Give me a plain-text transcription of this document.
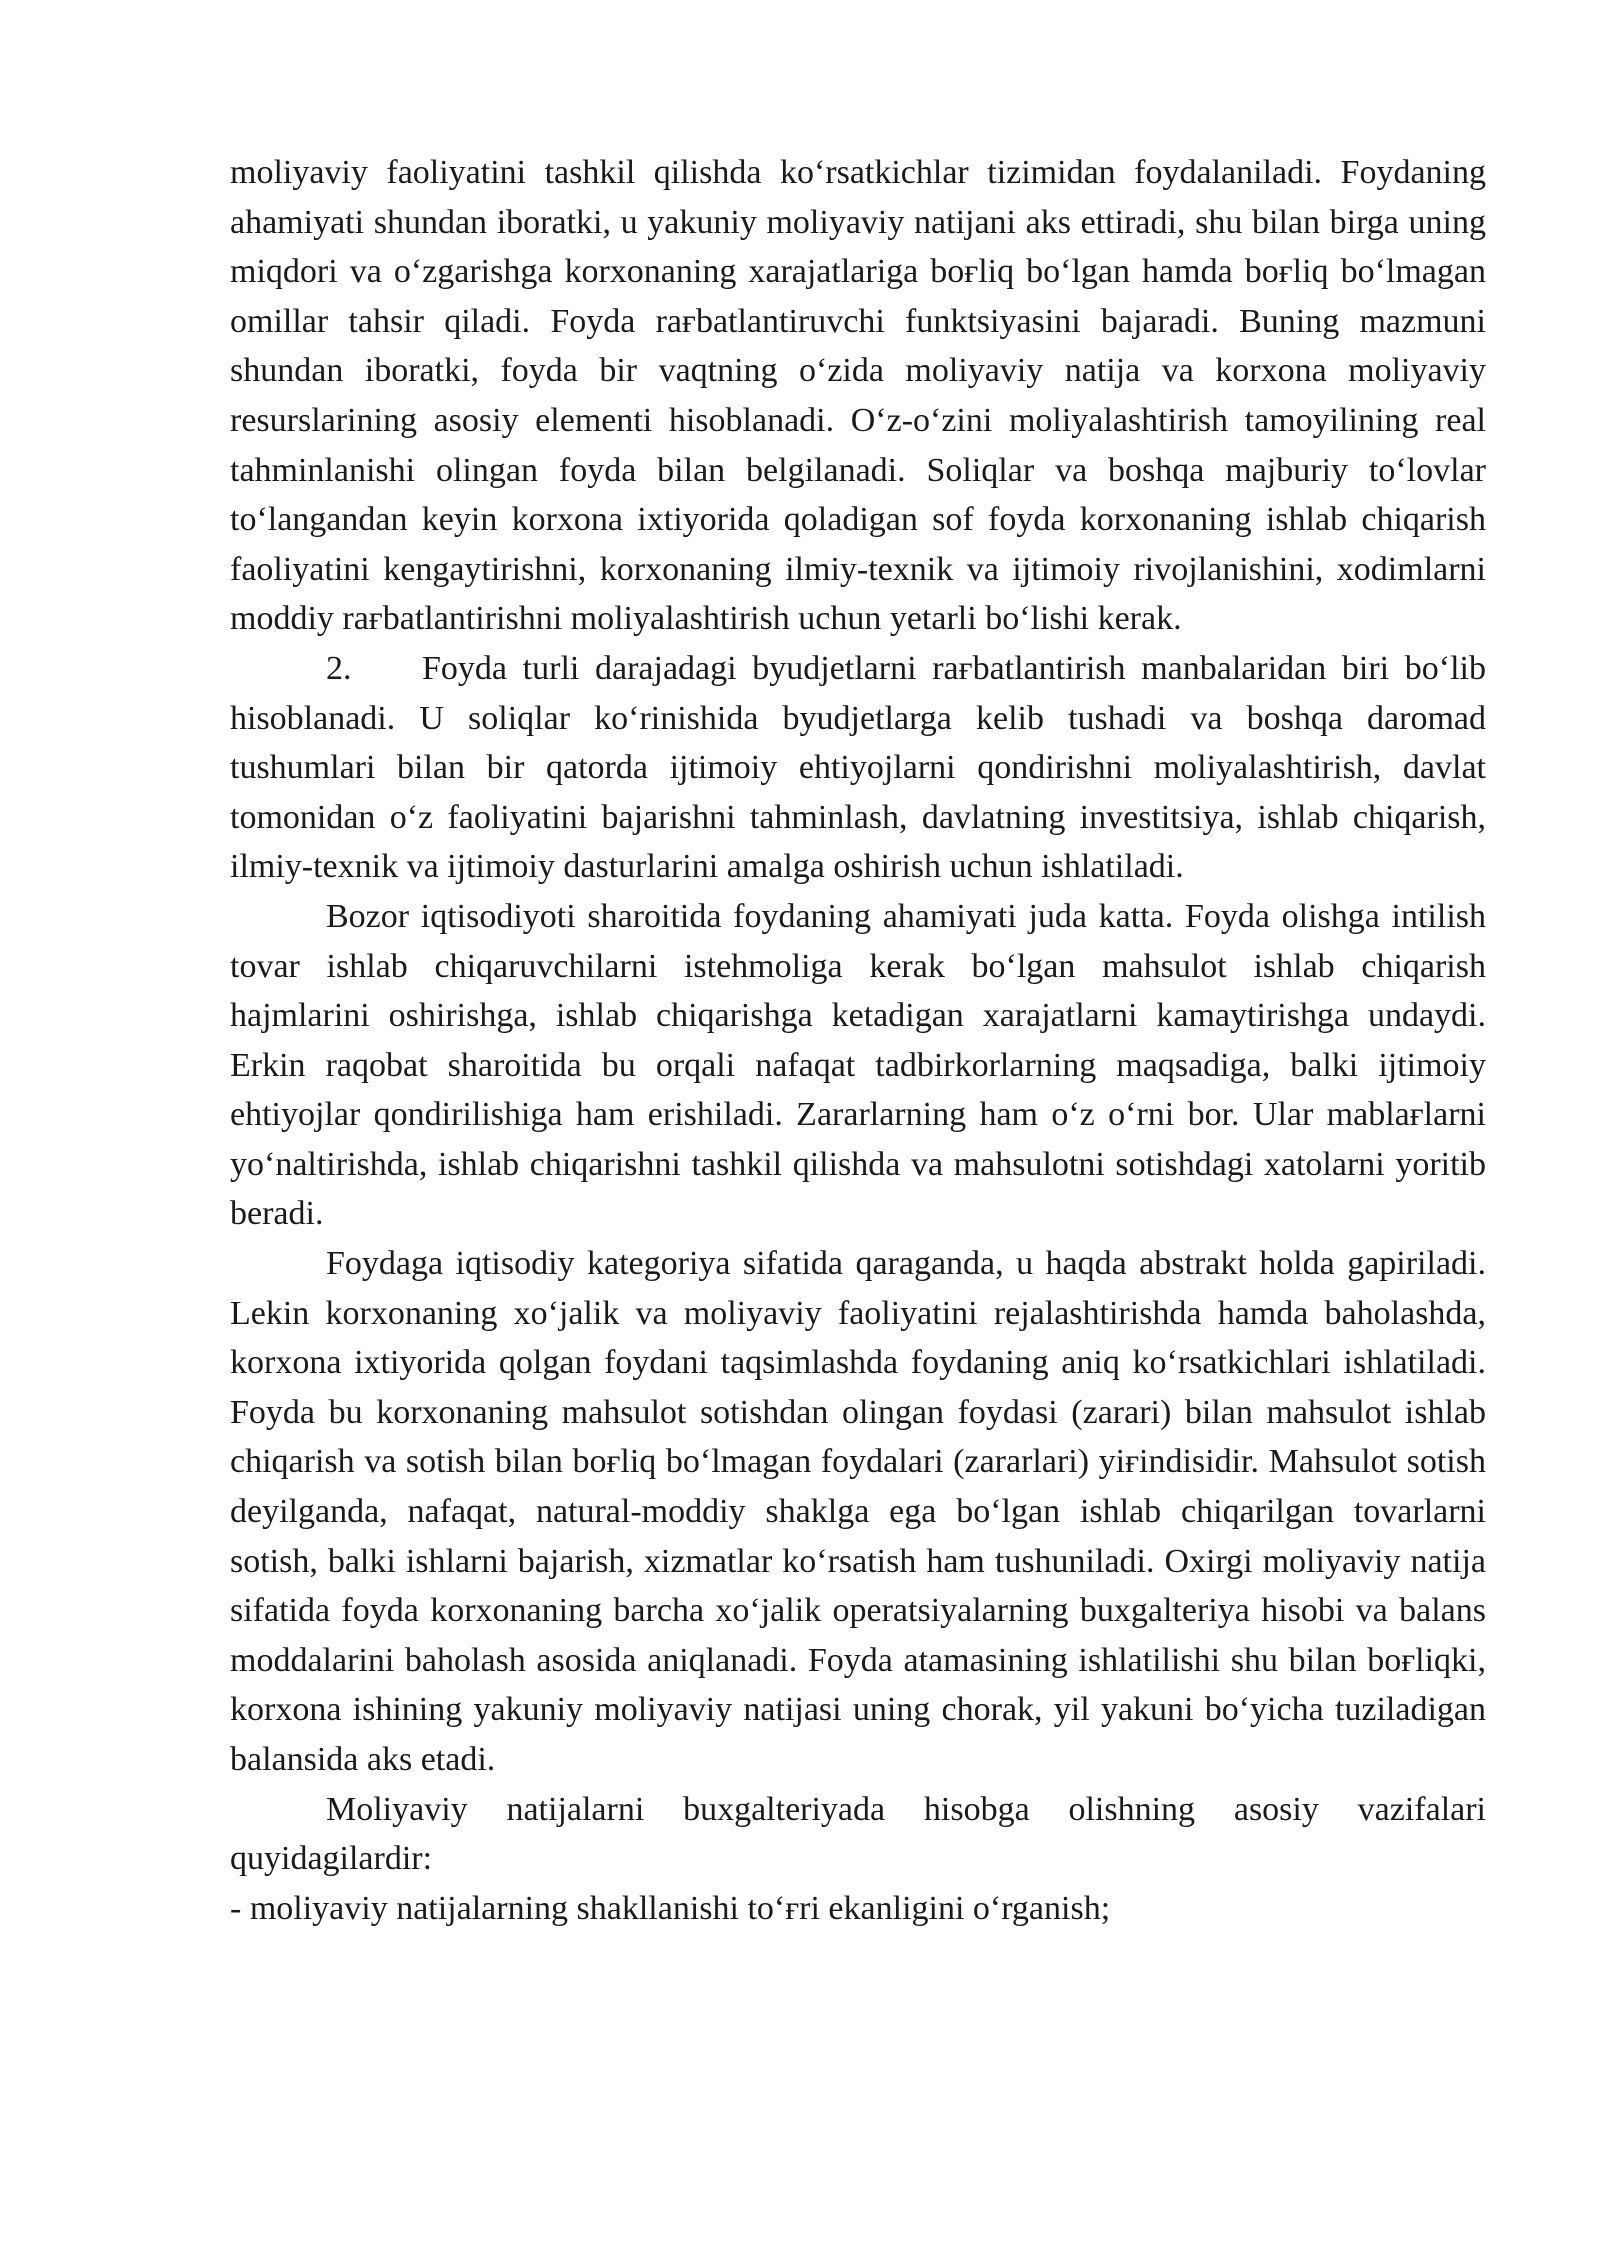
moliyaviy faoliyatini tashkil qilishda koʻrsatkichlar tizimidan foydalaniladi. Foydaning ahamiyati shundan iboratki, u yakuniy moliyaviy natijani aks ettiradi, shu bilan birga uning miqdori va oʻzgarishga korxonaning xarajatlariga boғliq boʻlgan hamda boғliq boʻlmagan omillar tahsir qiladi. Foyda raғbatlantiruvchi funktsiyasini bajaradi. Buning mazmuni shundan iboratki, foyda bir vaqtning oʻzida moliyaviy natija va korxona moliyaviy resurslarining asosiy elementi hisoblanadi. Oʻz-oʻzini moliyalashtirish tamoyilining real tahminlanishi olingan foyda bilan belgilanadi. Soliqlar va boshqa majburiy toʻlovlar toʻlangandan keyin korxona ixtiyorida qoladigan sof foyda korxonaning ishlab chiqarish faoliyatini kengaytirishni, korxonaning ilmiy-texnik va ijtimoiy rivojlanishini, xodimlarni moddiy raғbatlantirishni moliyalashtirish uchun yetarli boʻlishi kerak.

2. Foyda turli darajadagi byudjetlarni raғbatlantirish manbalaridan biri boʻlib hisoblanadi. U soliqlar koʻrinishida byudjetlarga kelib tushadi va boshqa daromad tushumlari bilan bir qatorda ijtimoiy ehtiyojlarni qondirishni moliyalashtirish, davlat tomonidan oʻz faoliyatini bajarishni tahminlash, davlatning investitsiya, ishlab chiqarish, ilmiy-texnik va ijtimoiy dasturlarini amalga oshirish uchun ishlatiladi.

Bozor iqtisodiyoti sharoitida foydaning ahamiyati juda katta. Foyda olishga intilish tovar ishlab chiqaruvchilarni istehmoliga kerak boʻlgan mahsulot ishlab chiqarish hajmlarini oshirishga, ishlab chiqarishga ketadigan xarajatlarni kamaytirishga undaydi. Erkin raqobat sharoitida bu orqali nafaqat tadbirkorlarning maqsadiga, balki ijtimoiy ehtiyojlar qondirilishiga ham erishiladi. Zararlarning ham oʻz oʻrni bor. Ular mablaғlarni yoʻnaltirishda, ishlab chiqarishni tashkil qilishda va mahsulotni sotishdagi xatolarni yoritib beradi.

Foydaga iqtisodiy kategoriya sifatida qaraganda, u haqda abstrakt holda gapiriladi. Lekin korxonaning xoʻjalik va moliyaviy faoliyatini rejalashtirishda hamda baholashda, korxona ixtiyorida qolgan foydani taqsimlashda foydaning aniq koʻrsatkichlari ishlatiladi. Foyda bu korxonaning mahsulot sotishdan olingan foydasi (zarari) bilan mahsulot ishlab chiqarish va sotish bilan boғliq boʻlmagan foydalari (zararlari) yiғindisidir. Mahsulot sotish deyilganda, nafaqat, natural-moddiy shaklga ega boʻlgan ishlab chiqarilgan tovarlarni sotish, balki ishlarni bajarish, xizmatlar koʻrsatish ham tushuniladi. Oxirgi moliyaviy natija sifatida foyda korxonaning barcha xoʻjalik operatsiyalarning buxgalteriya hisobi va balans moddalarini baholash asosida aniqlanadi. Foyda atamasining ishlatilishi shu bilan boғliqki, korxona ishining yakuniy moliyaviy natijasi uning chorak, yil yakuni boʻyicha tuziladigan balansida aks etadi.

Moliyaviy natijalarni buxgalteriyada hisobga olishning asosiy vazifalari quyidagilardir:

- moliyaviy natijalarning shakllanishi toʻғri ekanligini oʻrganish;
